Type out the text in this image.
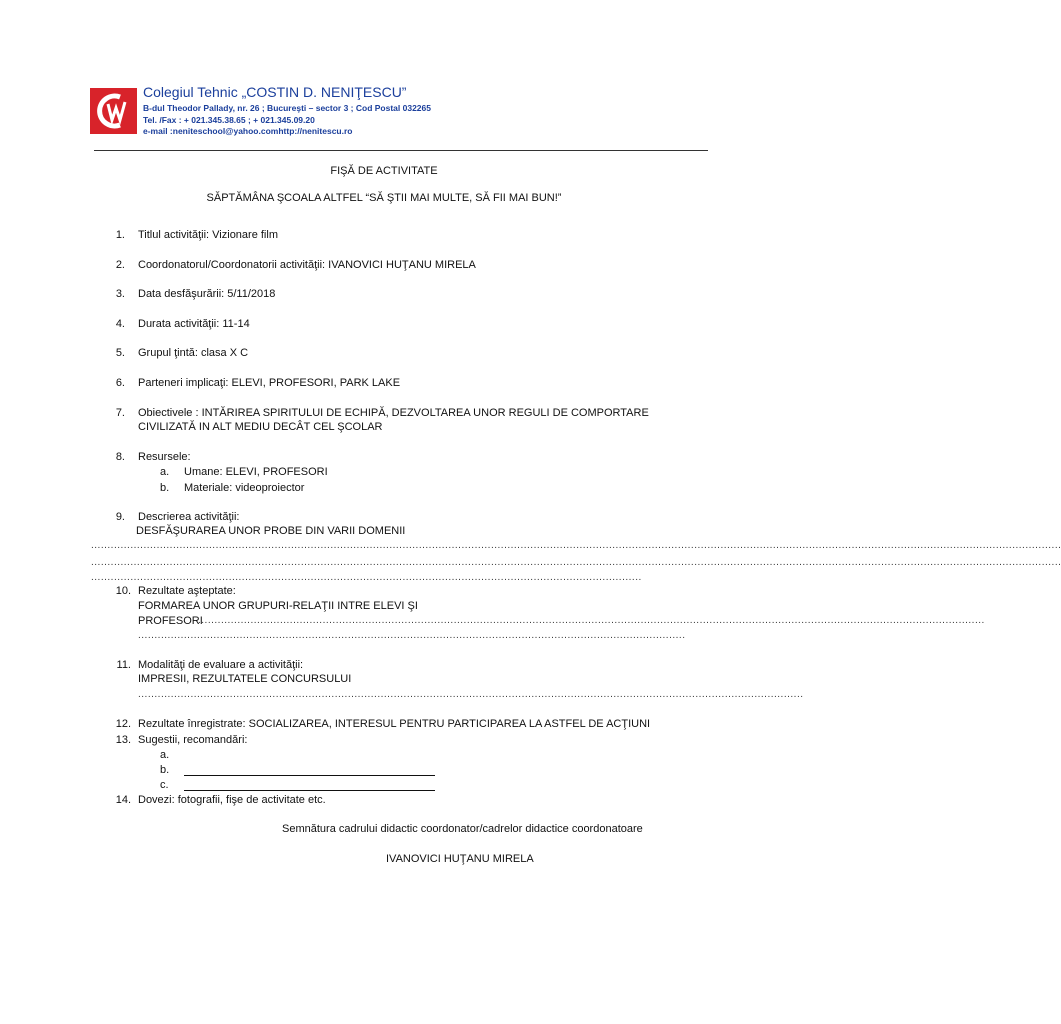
Colegiul Tehnic „COSTIN D. NENIŢESCU”
B-dul Theodor Pallady, nr. 26 ; Bucureşti – sector 3 ; Cod Postal 032265
Tel. /Fax : + 021.345.38.65 ; + 021.345.09.20
e-mail :neniteschool@yahoo.comhttp://nenitescu.ro
FIŞĂ DE ACTIVITATE
SĂPTĂMÂNA ŞCOALA ALTFEL “SĂ ŞTII MAI MULTE, SĂ FII MAI BUN!”
1. Titlul activităţii: Vizionare film
2. Coordonatorul/Coordonatorii activităţii: IVANOVICI HUŢANU MIRELA
3. Data desfăşurării: 5/11/2018
4. Durata activităţii: 11-14
5. Grupul ţintă: clasa X C
6. Parteneri implicaţi: ELEVI, PROFESORI, PARK LAKE
7. Obiectivele : INTĂRIREA SPIRITULUI DE ECHIPĂ, DEZVOLTAREA UNOR REGULI DE COMPORTARE
CIVILIZATĂ IN ALT MEDIU DECÂT CEL ŞCOLAR
8. Resursele:
a. Umane: ELEVI, PROFESORI
b. Materiale: videoproiector
9. Descrierea activităţii:
DESFĂŞURAREA UNOR PROBE DIN VARII DOMENII
........................................................................................................................................................................................................................................................................................................
........................................................................................................................................................................................................................................................................................................
........................................................................................................................................................................
10. Rezultate aşteptate:
FORMAREA UNOR GRUPURI-RELAŢII INTRE ELEVI ŞI
PROFESORI
................................................................................................................................................................................................................................................
.......................................................................................................................................................................
11. Modalităţi de evaluare a activităţii:
IMPRESII, REZULTATELE CONCURSULUI
...........................................................................................................................................................................................................
12. Rezultate înregistrate: SOCIALIZAREA, INTERESUL PENTRU PARTICIPAREA LA ASTFEL DE ACŢIUNI
13. Sugestii, recomandări:
a.
b.
c.
14. Dovezi: fotografii, fişe de activitate etc.
Semnătura cadrului didactic coordonator/cadrelor didactice coordonatoare
IVANOVICI HUŢANU MIRELA
